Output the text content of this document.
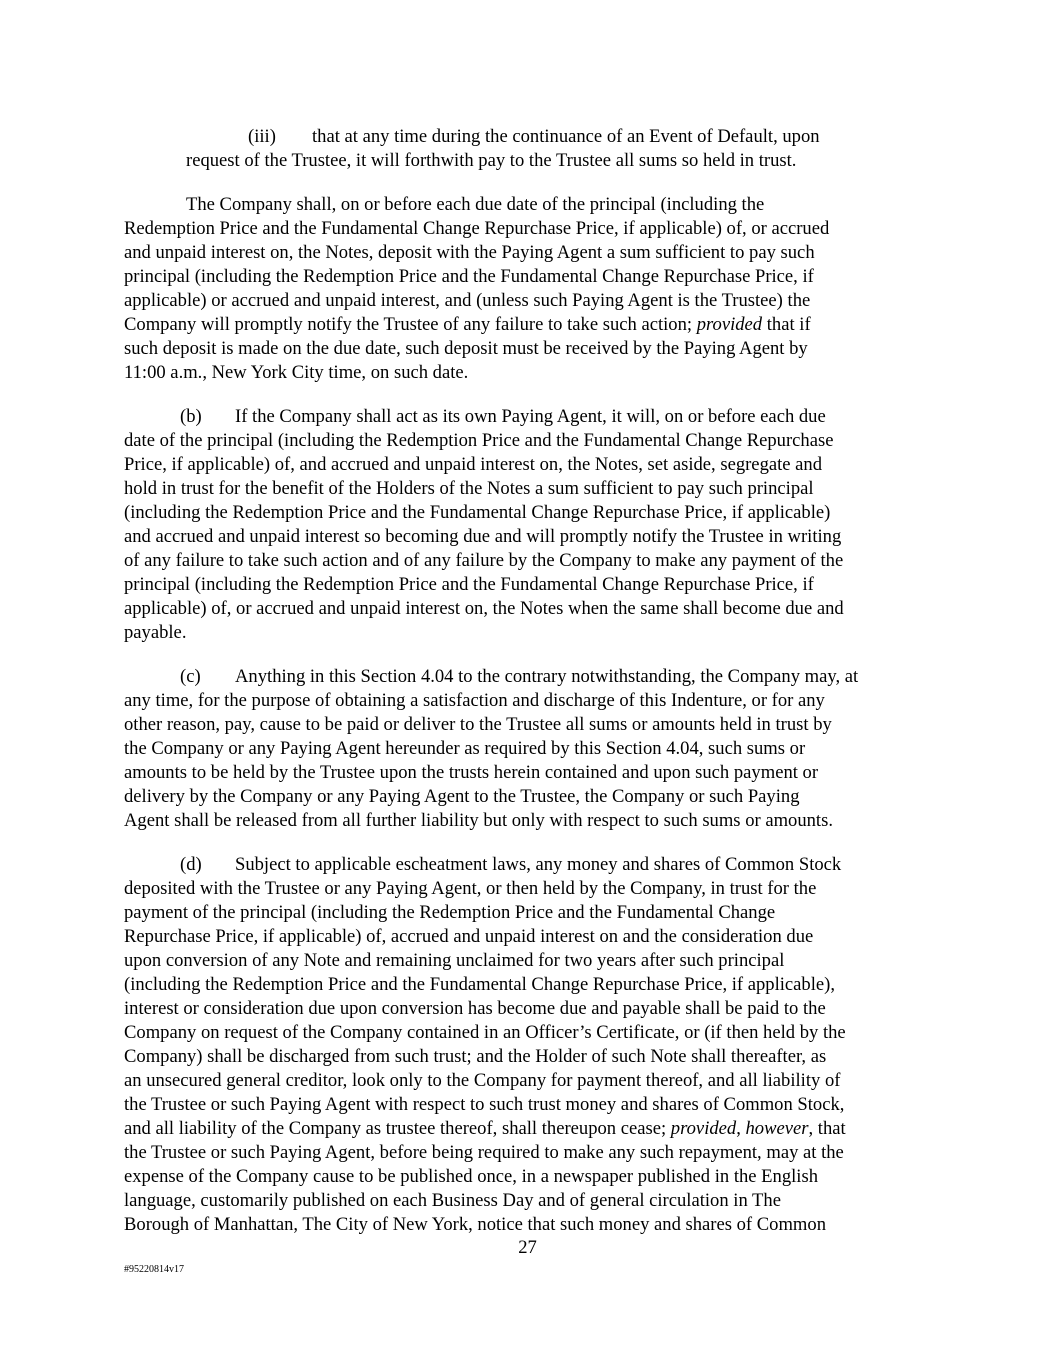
(iii) that at any time during the continuance of an Event of Default, upon
request of the Trustee, it will forthwith pay to the Trustee all sums so held in trust.
The Company shall, on or before each due date of the principal (including the
Redemption Price and the Fundamental Change Repurchase Price, if applicable) of, or accrued
and unpaid interest on, the Notes, deposit with the Paying Agent a sum sufficient to pay such
principal (including the Redemption Price and the Fundamental Change Repurchase Price, if
applicable) or accrued and unpaid interest, and (unless such Paying Agent is the Trustee) the
Company will promptly notify the Trustee of any failure to take such action; provided that if
such deposit is made on the due date, such deposit must be received by the Paying Agent by
11:00 a.m., New York City time, on such date.
(b) If the Company shall act as its own Paying Agent, it will, on or before each due
date of the principal (including the Redemption Price and the Fundamental Change Repurchase
Price, if applicable) of, and accrued and unpaid interest on, the Notes, set aside, segregate and
hold in trust for the benefit of the Holders of the Notes a sum sufficient to pay such principal
(including the Redemption Price and the Fundamental Change Repurchase Price, if applicable)
and accrued and unpaid interest so becoming due and will promptly notify the Trustee in writing
of any failure to take such action and of any failure by the Company to make any payment of the
principal (including the Redemption Price and the Fundamental Change Repurchase Price, if
applicable) of, or accrued and unpaid interest on, the Notes when the same shall become due and
payable.
(c) Anything in this Section 4.04 to the contrary notwithstanding, the Company may, at
any time, for the purpose of obtaining a satisfaction and discharge of this Indenture, or for any
other reason, pay, cause to be paid or deliver to the Trustee all sums or amounts held in trust by
the Company or any Paying Agent hereunder as required by this Section 4.04, such sums or
amounts to be held by the Trustee upon the trusts herein contained and upon such payment or
delivery by the Company or any Paying Agent to the Trustee, the Company or such Paying
Agent shall be released from all further liability but only with respect to such sums or amounts.
(d) Subject to applicable escheatment laws, any money and shares of Common Stock
deposited with the Trustee or any Paying Agent, or then held by the Company, in trust for the
payment of the principal (including the Redemption Price and the Fundamental Change
Repurchase Price, if applicable) of, accrued and unpaid interest on and the consideration due
upon conversion of any Note and remaining unclaimed for two years after such principal
(including the Redemption Price and the Fundamental Change Repurchase Price, if applicable),
interest or consideration due upon conversion has become due and payable shall be paid to the
Company on request of the Company contained in an Officer’s Certificate, or (if then held by the
Company) shall be discharged from such trust; and the Holder of such Note shall thereafter, as
an unsecured general creditor, look only to the Company for payment thereof, and all liability of
the Trustee or such Paying Agent with respect to such trust money and shares of Common Stock,
and all liability of the Company as trustee thereof, shall thereupon cease; provided, however, that
the Trustee or such Paying Agent, before being required to make any such repayment, may at the
expense of the Company cause to be published once, in a newspaper published in the English
language, customarily published on each Business Day and of general circulation in The
Borough of Manhattan, The City of New York, notice that such money and shares of Common
27
#95220814v17
